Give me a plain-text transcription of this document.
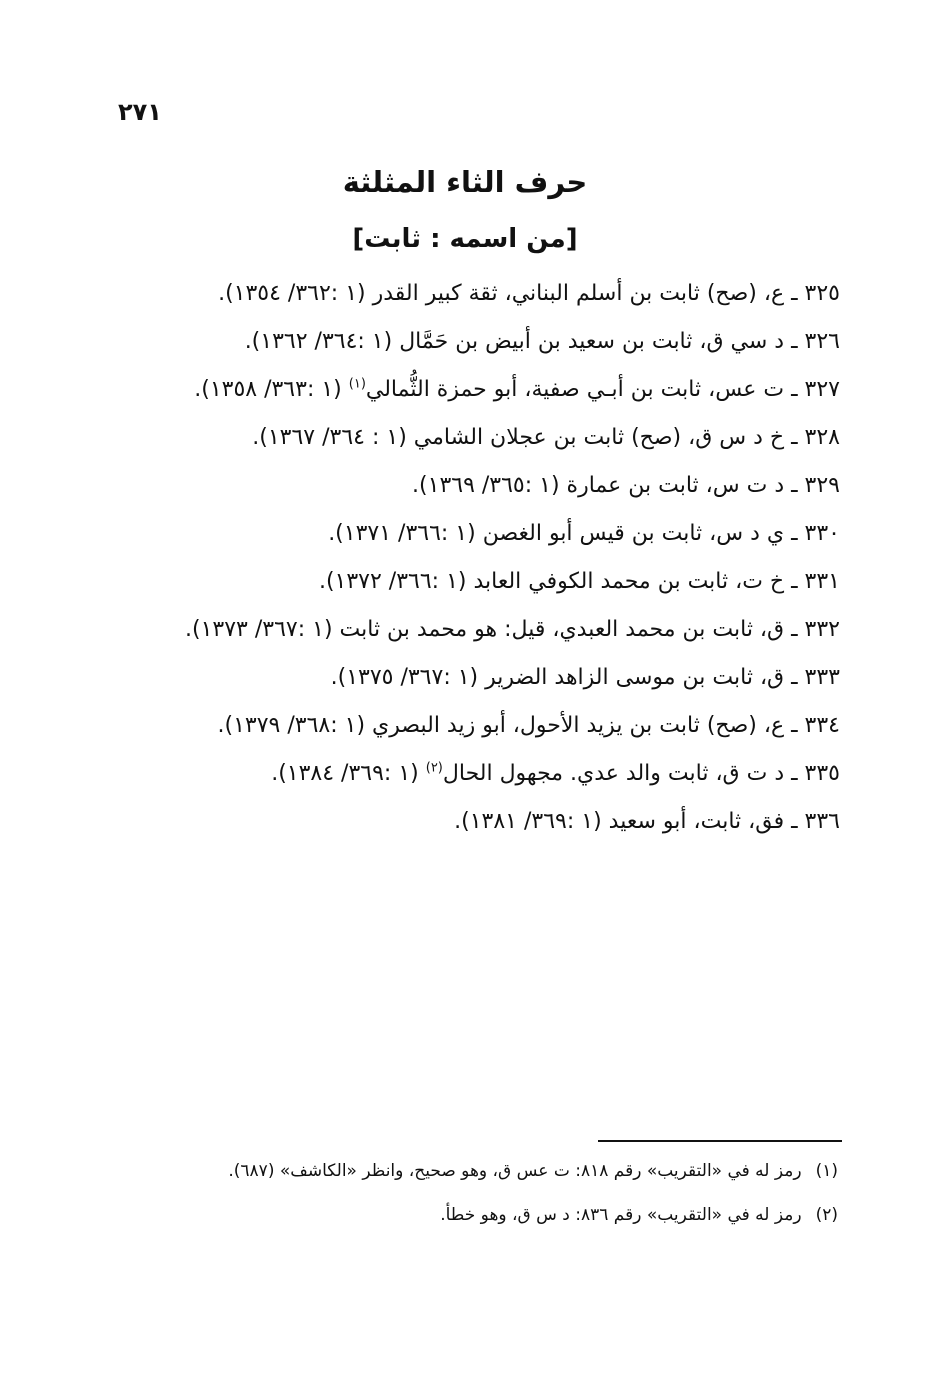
٢٧١
حرف الثاء المثلثة
[من اسمه : ثابت]

٣٢٥ ـ ع، (صح) ثابت بن أسلم البناني، ثقة كبير القدر (١ :٣٦٢/ ١٣٥٤).

٣٢٦ ـ د سي ق، ثابت بن سعيد بن أبيض بن حَمَّال (١ :٣٦٤/ ١٣٦٢).

٣٢٧ ـ ت عس، ثابت بن أبـي صفية، أبو حمزة الثُّمالي$^{(١)}$ (١ :٣٦٣/ ١٣٥٨).

٣٢٨ ـ خ د س ق، (صح) ثابت بن عجلان الشامي (١ : ٣٦٤/ ١٣٦٧).

٣٢٩ ـ د ت س، ثابت بن عمارة (١ :٣٦٥/ ١٣٦٩).

٣٣٠ ـ ي د س، ثابت بن قيس أبو الغصن (١ :٣٦٦/ ١٣٧١).

٣٣١ ـ خ ت، ثابت بن محمد الكوفي العابد (١ :٣٦٦/ ١٣٧٢).

٣٣٢ ـ ق، ثابت بن محمد العبدي، قيل: هو محمد بن ثابت (١ :٣٦٧/ ١٣٧٣).

٣٣٣ ـ ق، ثابت بن موسى الزاهد الضرير (١ :٣٦٧/ ١٣٧٥).

٣٣٤ ـ ع، (صح) ثابت بن يزيد الأحول، أبو زيد البصري (١ :٣٦٨/ ١٣٧٩).

٣٣٥ ـ د ت ق، ثابت والد عدي. مجهول الحال$^{(٢)}$ (١ :٣٦٩/ ١٣٨٤).

٣٣٦ ـ فق، ثابت، أبو سعيد (١ :٣٦٩/ ١٣٨١).

(١)رمز له في «التقريب» رقم ٨١٨: ت عس ق، وهو صحيح، وانظر «الكاشف» (٦٨٧).

(٢)رمز له في «التقريب» رقم ٨٣٦: د س ق، وهو خطأ.
